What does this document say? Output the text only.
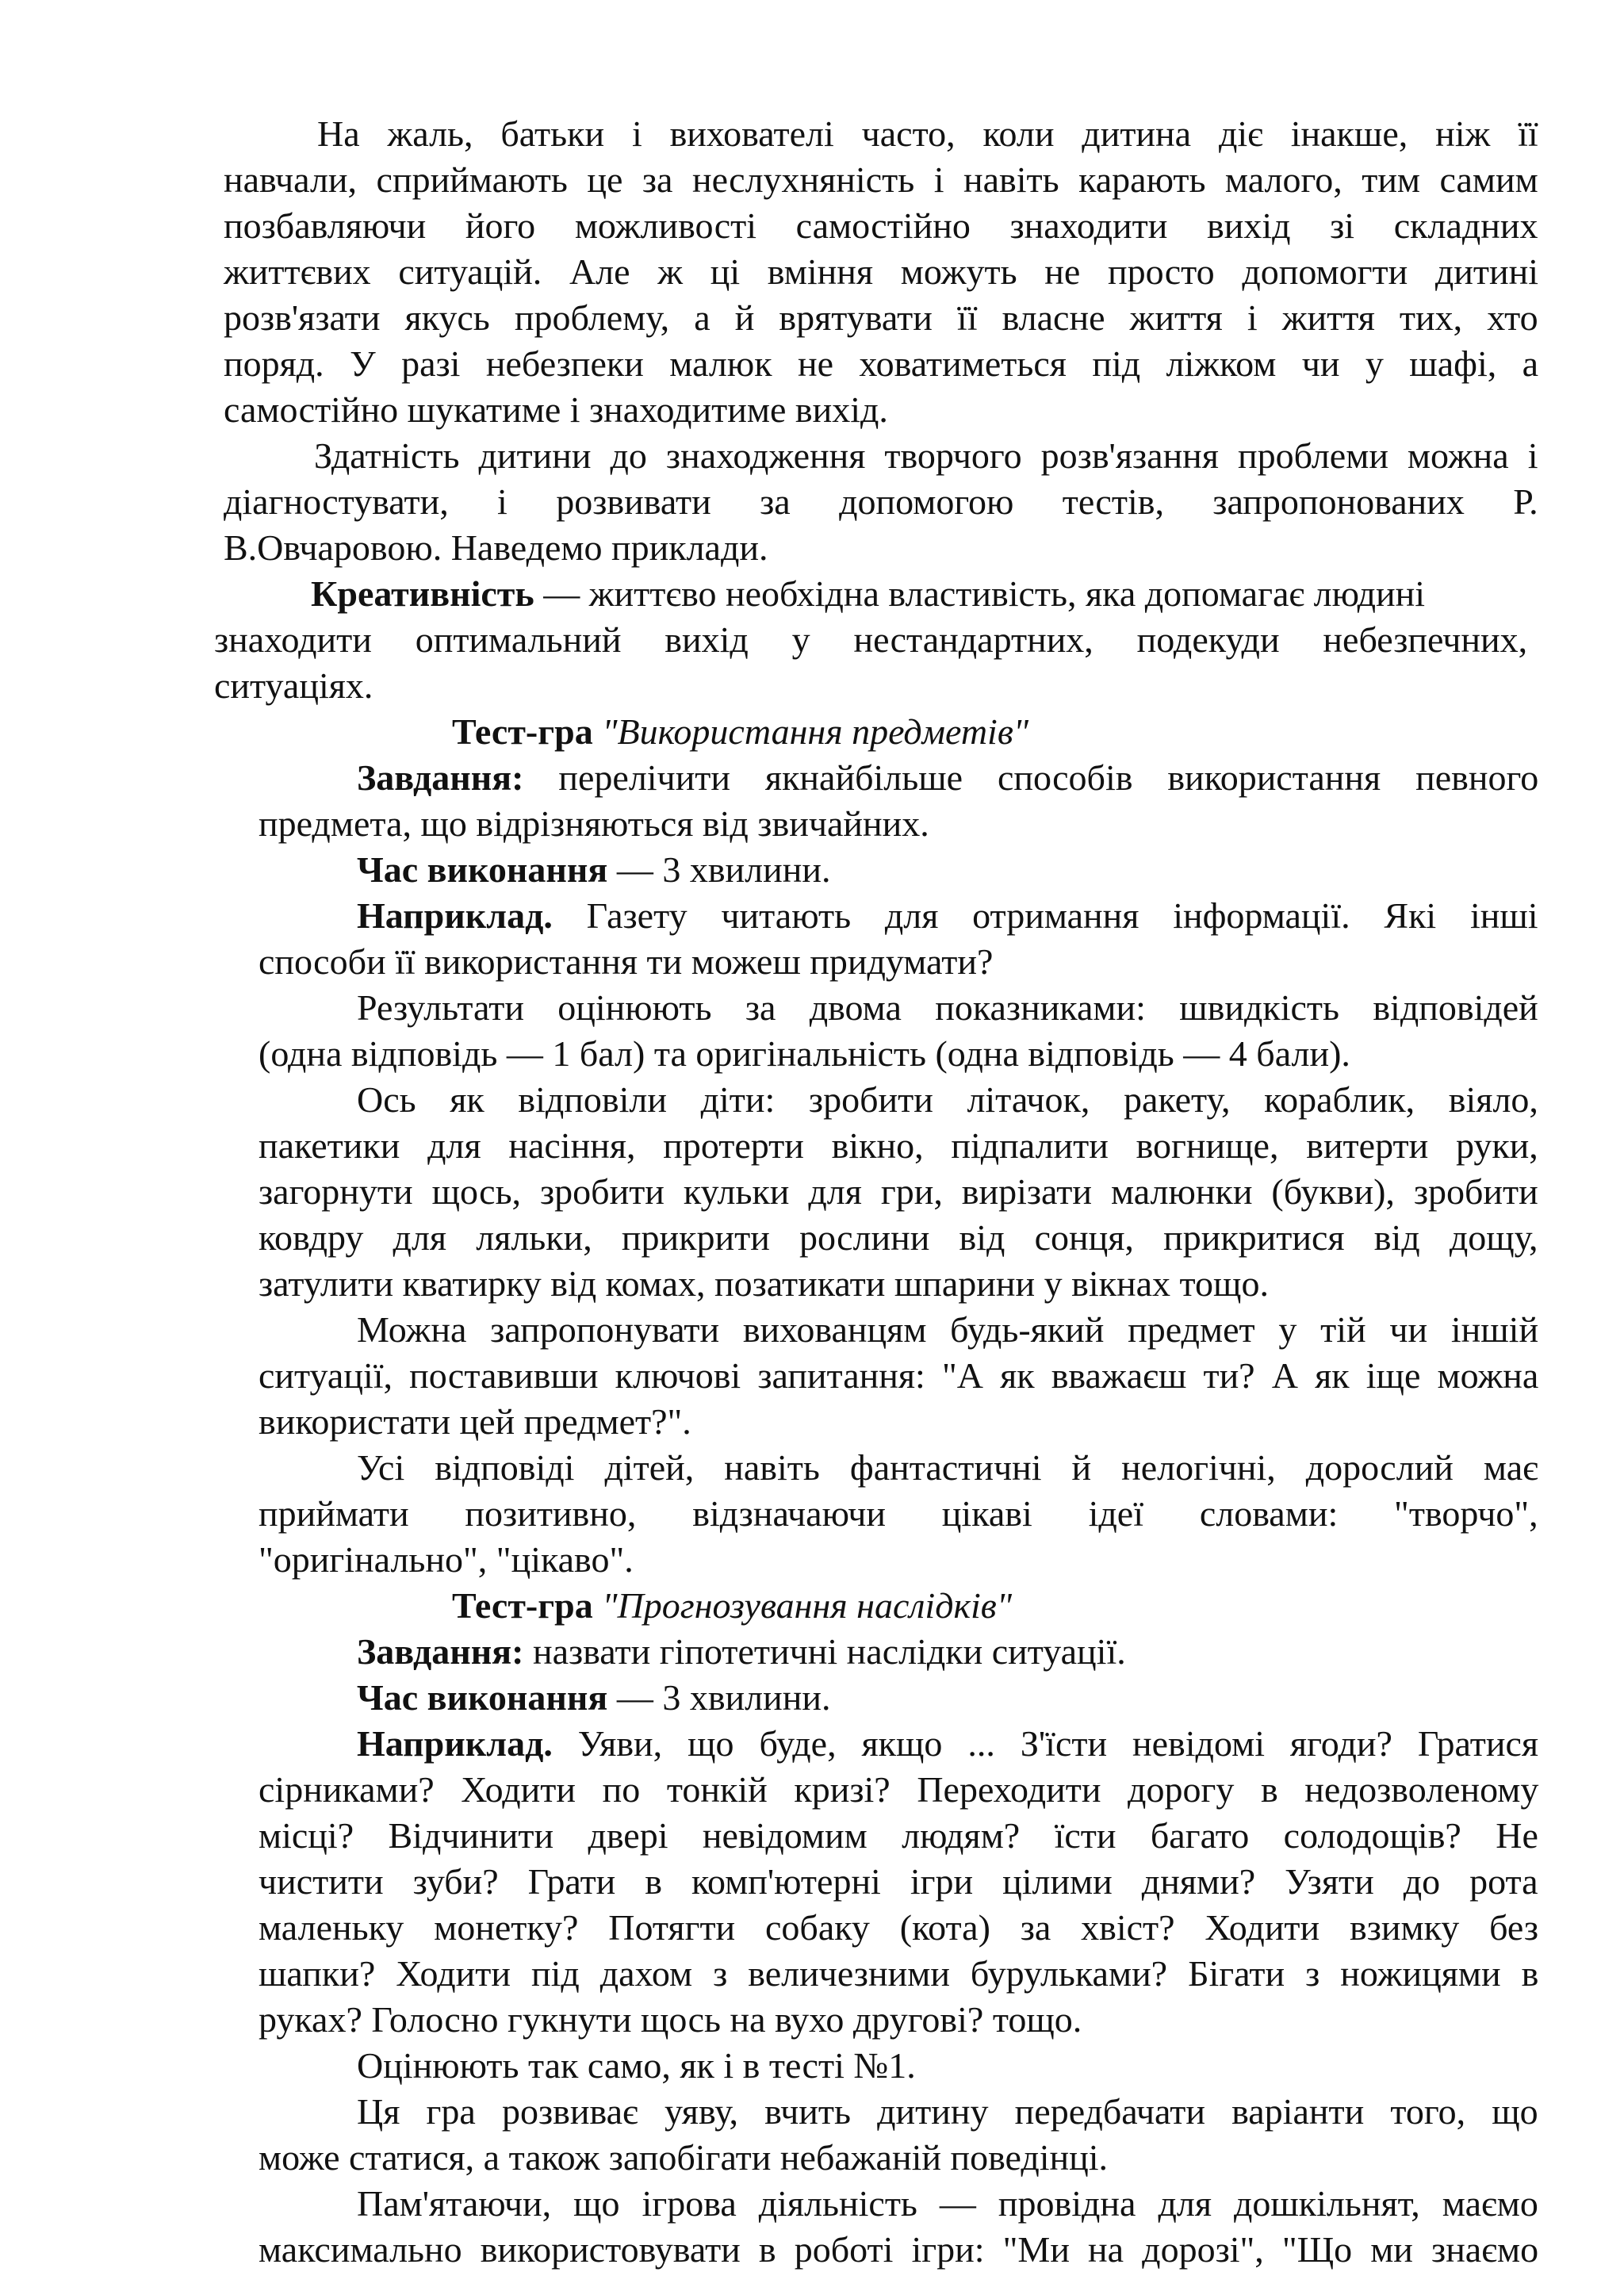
На жаль, батьки і вихователі часто, коли дитина діє інакше, ніж її
навчали, сприймають це за неслухняність і навіть карають малого, тим самим
позбавляючи його можливості самостійно знаходити вихід зі складних
життєвих ситуацій. Але ж ці вміння можуть не просто допомогти дитині
розв'язати якусь проблему, а й врятувати її власне життя і життя тих, хто
поряд. У разі небезпеки малюк не ховатиметься під ліжком чи у шафі, а
самостійно шукатиме і знаходитиме вихід.
Здатність дитини до знаходження творчого розв'язання проблеми можна і
діагностувати, і розвивати за допомогою тестів, запропонованих Р.
В.Овчаровою. Наведемо приклади.
Креативність — життєво необхідна властивість, яка допомагає людині
знаходити оптимальний вихід у нестандартних, подекуди небезпечних,
ситуаціях.
Тест-гра "Використання предметів"
Завдання: перелічити якнайбільше способів використання певного
предмета, що відрізняються від звичайних.
Час виконання — 3 хвилини.
Наприклад. Газету читають для отримання інформації. Які інші
способи її використання ти можеш придумати?
Результати оцінюють за двома показниками: швидкість відповідей
(одна відповідь — 1 бал) та оригінальність (одна відповідь — 4 бали).
Ось як відповіли діти: зробити літачок, ракету, кораблик, віяло,
пакетики для насіння, протерти вікно, підпалити вогнище, витерти руки,
загорнути щось, зробити кульки для гри, вирізати малюнки (букви), зробити
ковдру для ляльки, прикрити рослини від сонця, прикритися від дощу,
затулити кватирку від комах, позатикати шпарини у вікнах тощо.
Можна запропонувати вихованцям будь-який предмет у тій чи іншій
ситуації, поставивши ключові запитання: "А як вважаєш ти? А як іще можна
використати цей предмет?".
Усі відповіді дітей, навіть фантастичні й нелогічні, дорослий має
приймати позитивно, відзначаючи цікаві ідеї словами: "творчо",
"оригінально", "цікаво".
Тест-гра "Прогнозування наслідків"
Завдання: назвати гіпотетичні наслідки ситуації.
Час виконання — 3 хвилини.
Наприклад. Уяви, що буде, якщо ... З'їсти невідомі ягоди? Гратися
сірниками? Ходити по тонкій кризі? Переходити дорогу в недозволеному
місці? Відчинити двері невідомим людям? їсти багато солодощів? Не
чистити зуби? Грати в комп'ютерні ігри цілими днями? Узяти до рота
маленьку монетку? Потягти собаку (кота) за хвіст? Ходити взимку без
шапки? Ходити під дахом з величезними бурульками? Бігати з ножицями в
руках? Голосно гукнути щось на вухо другові? тощо.
Оцінюють так само, як і в тесті №1.
Ця гра розвиває уяву, вчить дитину передбачати варіанти того, що
може статися, а також запобігати небажаній поведінці.
Пам'ятаючи, що ігрова діяльність — провідна для дошкільнят, маємо
максимально використовувати в роботі ігри: "Ми на дорозі", "Що ми знаємо
